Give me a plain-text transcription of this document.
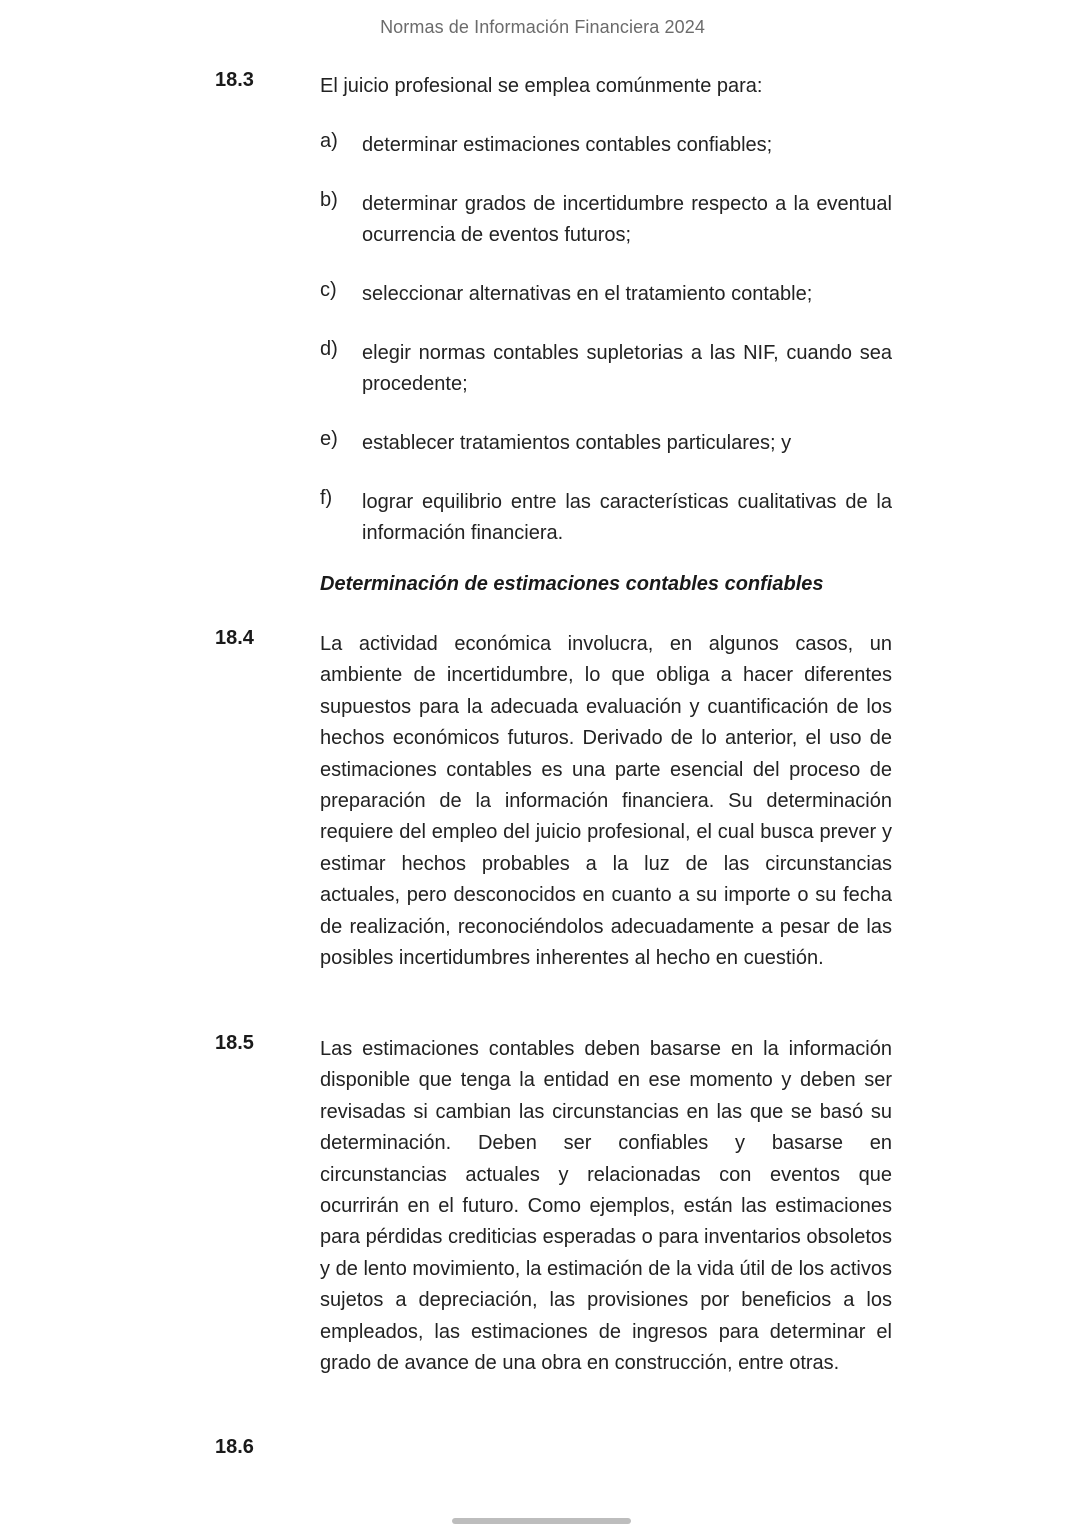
Normas de Información Financiera 2024
18.3	El juicio profesional se emplea comúnmente para:
a) determinar estimaciones contables confiables;
b) determinar grados de incertidumbre respecto a la eventual ocurrencia de eventos futuros;
c) seleccionar alternativas en el tratamiento contable;
d) elegir normas contables supletorias a las NIF, cuando sea procedente;
e) establecer tratamientos contables particulares; y
f) lograr equilibrio entre las características cualitativas de la información financiera.
Determinación de estimaciones contables confiables
18.4	La actividad económica involucra, en algunos casos, un ambiente de incertidumbre, lo que obliga a hacer diferentes supuestos para la adecuada evaluación y cuantificación de los hechos económicos futuros. Derivado de lo anterior, el uso de estimaciones contables es una parte esencial del proceso de preparación de la información financiera. Su determinación requiere del empleo del juicio profesional, el cual busca prever y estimar hechos probables a la luz de las circunstancias actuales, pero desconocidos en cuanto a su importe o su fecha de realización, reconociéndolos adecuadamente a pesar de las posibles incertidumbres inherentes al hecho en cuestión.
18.5	Las estimaciones contables deben basarse en la información disponible que tenga la entidad en ese momento y deben ser revisadas si cambian las circunstancias en las que se basó su determinación. Deben ser confiables y basarse en circunstancias actuales y relacionadas con eventos que ocurrirán en el futuro. Como ejemplos, están las estimaciones para pérdidas crediticias esperadas o para inventarios obsoletos y de lento movimiento, la estimación de la vida útil de los activos sujetos a depreciación, las provisiones por beneficios a los empleados, las estimaciones de ingresos para determinar el grado de avance de una obra en construcción, entre otras.
18.6
